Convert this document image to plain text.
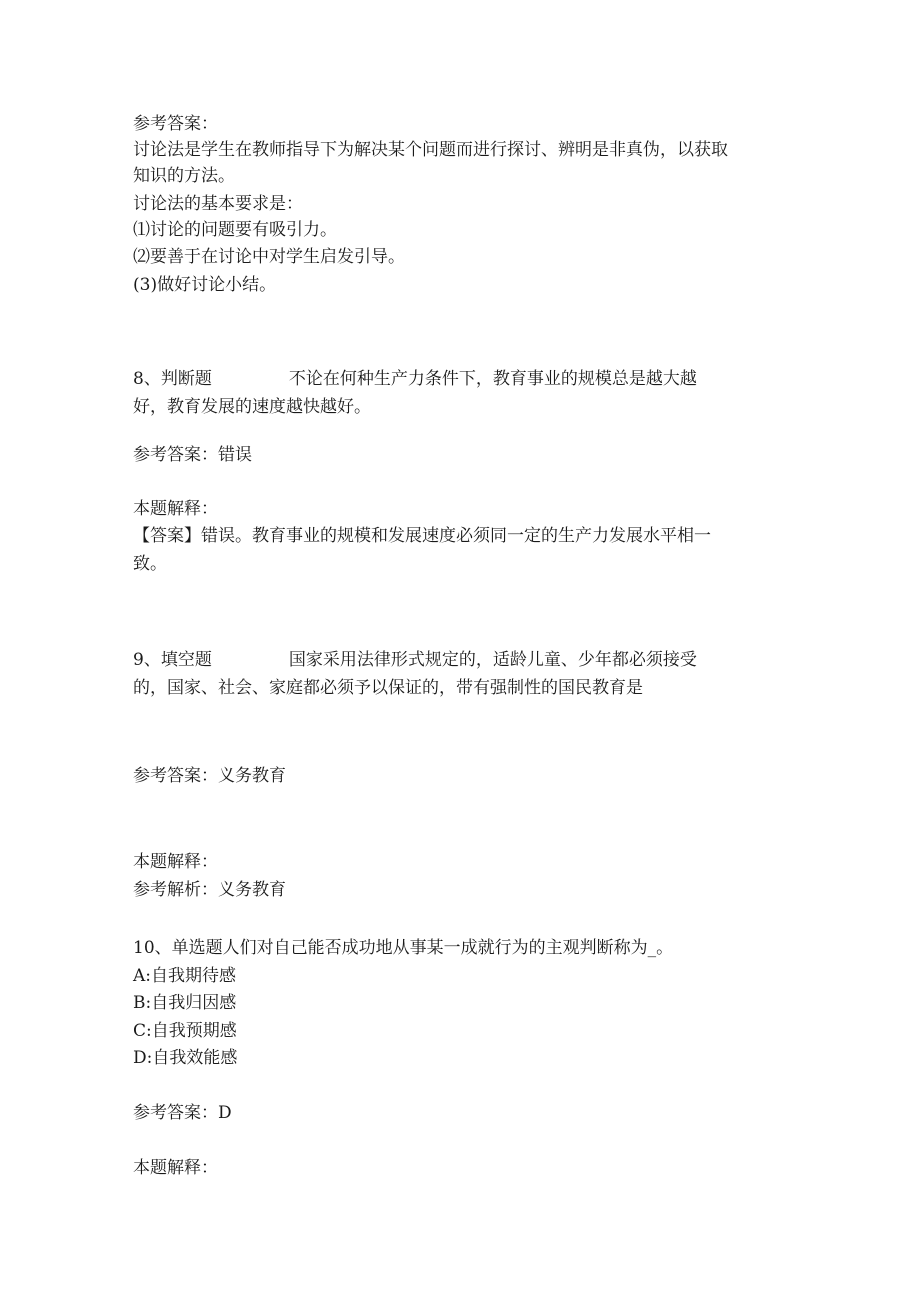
参考答案：
讨论法是学生在教师指导下为解决某个问题而进行探讨、辨明是非真伪，以获取
知识的方法。
讨论法的基本要求是：
⑴讨论的问题要有吸引力。
⑵要善于在讨论中对学生启发引导。
(3)做好讨论小结。
8、判断题	不论在何种生产力条件下，教育事业的规模总是越大越
好，教育发展的速度越快越好。
参考答案：错误
本题解释：
【答案】错误。教育事业的规模和发展速度必须同一定的生产力发展水平相一
致。
9、填空题	国家采用法律形式规定的，适龄儿童、少年都必须接受
的，国家、社会、家庭都必须予以保证的，带有强制性的国民教育是
参考答案：义务教育
本题解释：
参考解析：义务教育
10、单选题人们对自己能否成功地从事某一成就行为的主观判断称为_。
A:自我期待感
B:自我归因感
C:自我预期感
D:自我效能感
参考答案：D
本题解释：
